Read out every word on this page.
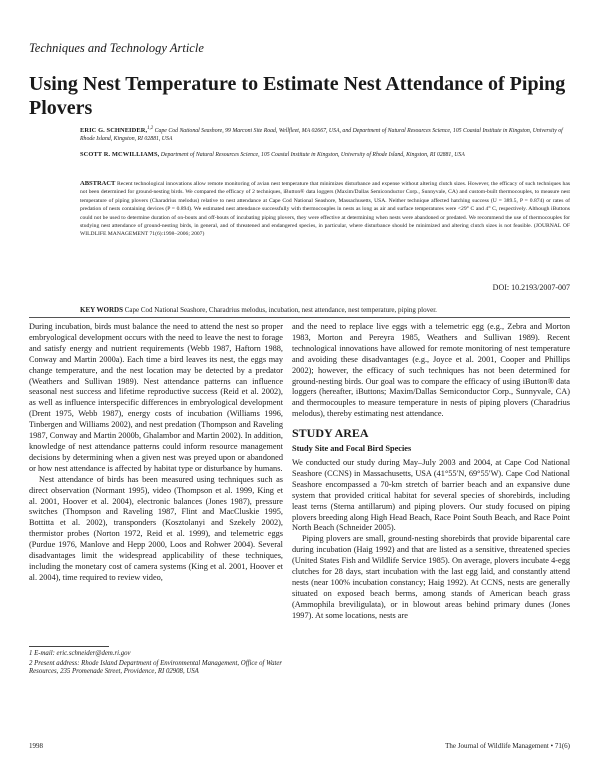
Techniques and Technology Article
Using Nest Temperature to Estimate Nest Attendance of Piping Plovers
ERIC G. SCHNEIDER,$^{1,2}$ Cape Cod National Seashore, 99 Marconi Site Road, Wellfleet, MA 02667, USA, and Department of Natural Resources Science, 105 Coastal Institute in Kingston, University of Rhode Island, Kingston, RI 02881, USA
SCOTT R. MCWILLIAMS, Department of Natural Resources Science, 105 Coastal Institute in Kingston, University of Rhode Island, Kingston, RI 02881, USA
ABSTRACT Recent technological innovations allow remote monitoring of avian nest temperature that minimizes disturbance and expense without altering clutch sizes. However, the efficacy of such techniques has not been determined for ground-nesting birds. We compared the efficacy of 2 techniques, iButton® data loggers (Maxim/Dallas Semiconductor Corp., Sunnyvale, CA) and custom-built thermocouples, to measure nest temperature of piping plovers (Charadrius melodus) relative to nest attendance at Cape Cod National Seashore, Massachusetts, USA. Neither technique affected hatching success (U = 389.5, P = 0.874) or rates of predation of nests containing devices (P = 0.894). We estimated nest attendance successfully with thermocouples in nests as long as air and surface temperatures were <29° C and 4° C, respectively. Although iButtons could not be used to determine duration of on-bouts and off-bouts of incubating piping plovers, they were effective at determining when nests were abandoned or predated. We recommend the use of thermocouples for studying nest attendance of ground-nesting birds, in general, and of threatened and endangered species, in particular, where disturbance should be minimized and altering clutch sizes is not feasible. (JOURNAL OF WILDLIFE MANAGEMENT 71(6):1998–2006; 2007)
DOI: 10.2193/2007-007
KEY WORDS Cape Cod National Seashore, Charadrius melodus, incubation, nest attendance, nest temperature, piping plover.

During incubation, birds must balance the need to attend the nest so proper embryological development occurs with the need to leave the nest to forage and satisfy energy and nutrient requirements (Webb 1987, Haftorn 1988, Conway and Martin 2000a). Each time a bird leaves its nest, the eggs may change temperature, and the nest location may be detected by a predator (Weathers and Sullivan 1989). Nest attendance patterns can influence seasonal nest success and lifetime reproductive success (Reid et al. 2002), as well as influence interspecific differences in embryological development (Drent 1975, Webb 1987), energy costs of incubation (Williams 1996, Tinbergen and Williams 2002), and nest predation (Thompson and Raveling 1987, Conway and Martin 2000b, Ghalambor and Martin 2002). In addition, knowledge of nest attendance patterns could inform resource management decisions by determining when a given nest was preyed upon or abandoned or how nest attendance is affected by habitat type or disturbance by humans.

Nest attendance of birds has been measured using techniques such as direct observation (Normant 1995), video (Thompson et al. 1999, King et al. 2001, Hoover et al. 2004), electronic balances (Jones 1987), pressure switches (Thompson and Raveling 1987, Flint and MacCluskie 1995, Bottitta et al. 2002), transponders (Kosztolanyi and Szekely 2002), thermistor probes (Norton 1972, Reid et al. 1999), and telemetric eggs (Purdue 1976, Manlove and Hepp 2000, Loos and Rohwer 2004). Several disadvantages limit the widespread applicability of these techniques, including the monetary cost of camera systems (King et al. 2001, Hoover et al. 2004), time required to review video,

and the need to replace live eggs with a telemetric egg (e.g., Zebra and Morton 1983, Morton and Pereyra 1985, Weathers and Sullivan 1989). Recent technological innovations have allowed for remote monitoring of nest temperature and avoiding these disadvantages (e.g., Joyce et al. 2001, Cooper and Phillips 2002); however, the efficacy of such techniques has not been determined for ground-nesting birds. Our goal was to compare the efficacy of using iButton® data loggers (hereafter, iButtons; Maxim/Dallas Semiconductor Corp., Sunnyvale, CA) and thermocouples to measure temperature in nests of piping plovers (Charadrius melodus), thereby estimating nest attendance.

STUDY AREA
Study Site and Focal Bird Species

We conducted our study during May–July 2003 and 2004, at Cape Cod National Seashore (CCNS) in Massachusetts, USA (41°55′N, 69°55′W). Cape Cod National Seashore encompassed a 70-km stretch of barrier beach and an expansive dune system that provided critical habitat for several species of shorebirds, including least terns (Sterna antillarum) and piping plovers. Our study focused on piping plovers breeding along High Head Beach, Race Point South Beach, and Race Point North Beach (Schneider 2005).

Piping plovers are small, ground-nesting shorebirds that provide biparental care during incubation (Haig 1992) and that are listed as a sensitive, threatened species (United States Fish and Wildlife Service 1985). On average, plovers incubate 4-egg clutches for 28 days, start incubation with the last egg laid, and constantly attend nests (near 100% incubation constancy; Haig 1992). At CCNS, nests are generally situated on exposed beach berms, among stands of American beach grass (Ammophila breviligulata), or in blowout areas behind primary dunes (Jones 1997). At some locations, nests are

1 E-mail: eric.schneider@dem.ri.gov
2 Present address: Rhode Island Department of Environmental Management, Office of Water Resources, 235 Promenade Street, Providence, RI 02908, USA
1998	The Journal of Wildlife Management • 71(6)
